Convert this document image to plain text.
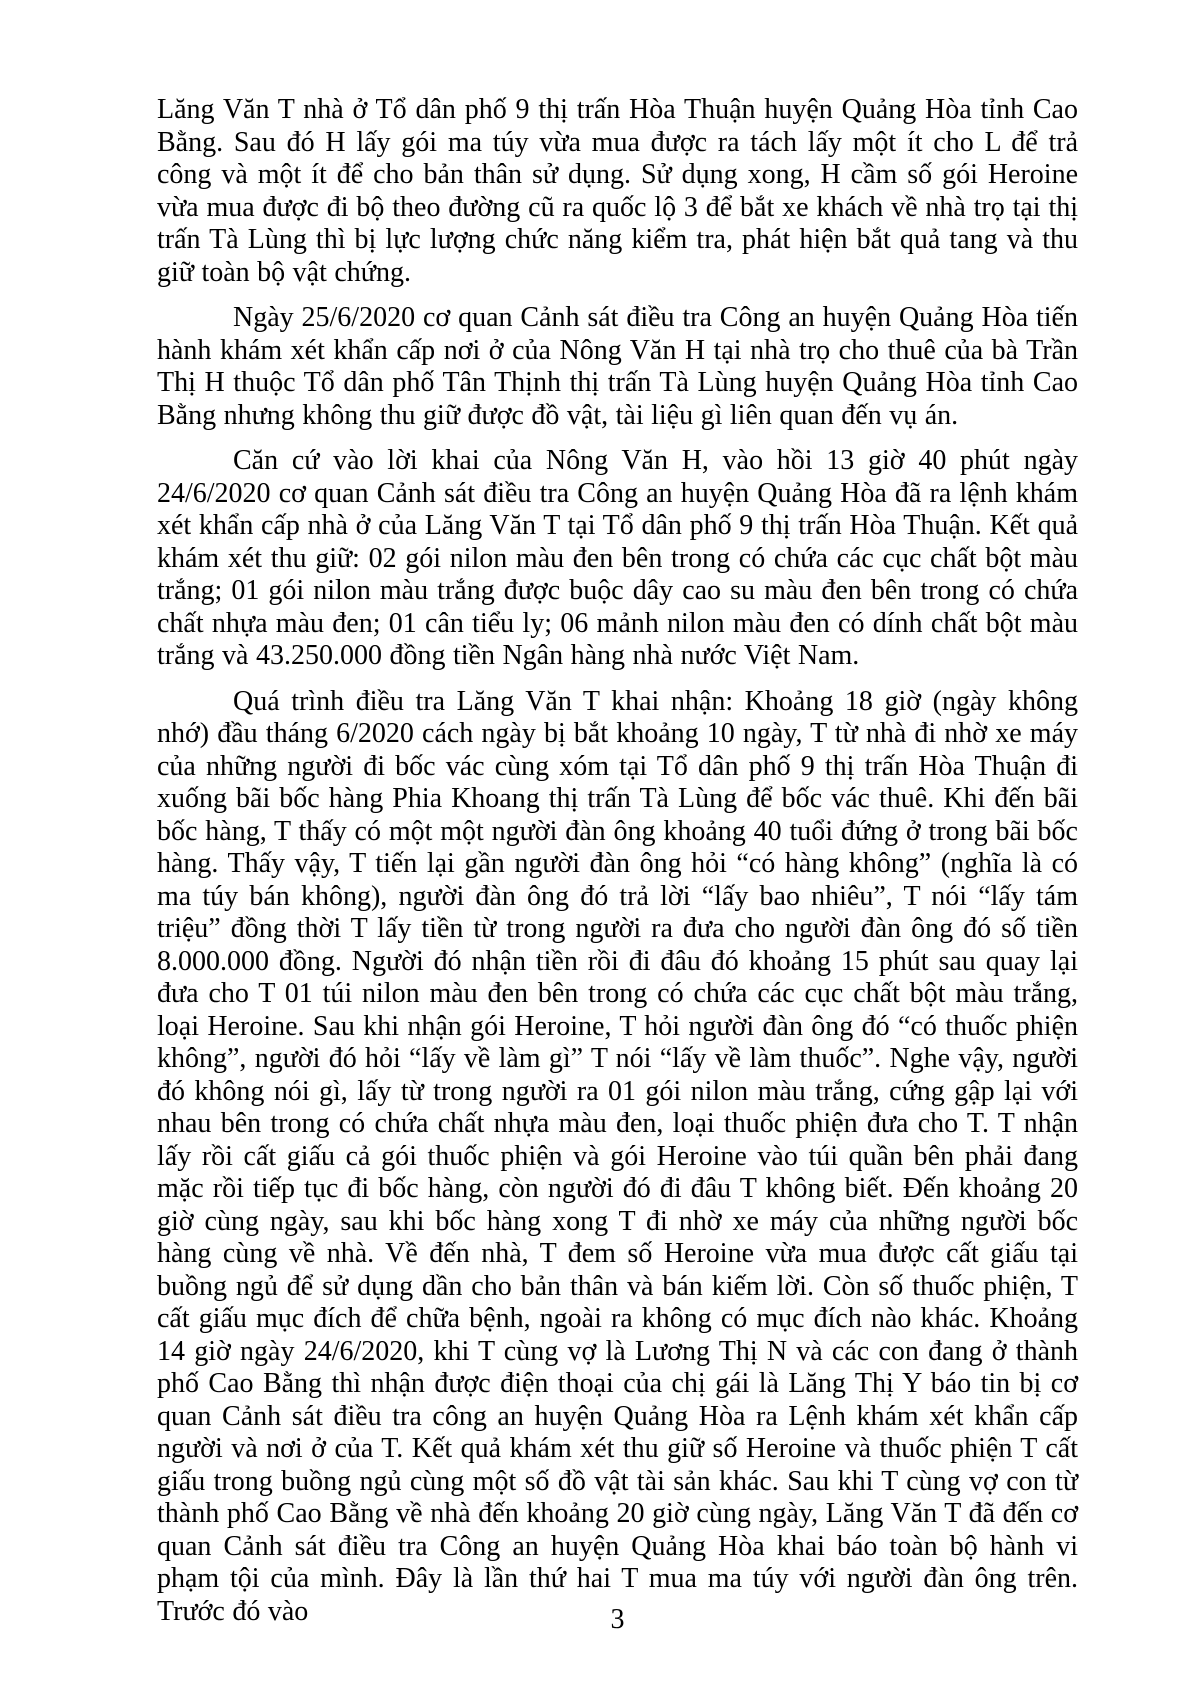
Lăng Văn T nhà ở Tổ dân phố 9 thị trấn Hòa Thuận huyện Quảng Hòa tỉnh Cao Bằng. Sau đó H lấy gói ma túy vừa mua được ra tách lấy một ít cho L để trả công và một ít để cho bản thân sử dụng. Sử dụng xong, H cầm số gói Heroine vừa mua được đi bộ theo đường cũ ra quốc lộ 3 để bắt xe khách về nhà trọ tại thị trấn Tà Lùng thì bị lực lượng chức năng kiểm tra, phát hiện bắt quả tang và thu giữ toàn bộ vật chứng.

Ngày 25/6/2020 cơ quan Cảnh sát điều tra Công an huyện Quảng Hòa tiến hành khám xét khẩn cấp nơi ở của Nông Văn H tại nhà trọ cho thuê của bà Trần Thị H thuộc Tổ dân phố Tân Thịnh thị trấn Tà Lùng huyện Quảng Hòa tỉnh Cao Bằng nhưng không thu giữ được đồ vật, tài liệu gì liên quan đến vụ án.

Căn cứ vào lời khai của Nông Văn H, vào hồi 13 giờ 40 phút ngày 24/6/2020 cơ quan Cảnh sát điều tra Công an huyện Quảng Hòa đã ra lệnh khám xét khẩn cấp nhà ở của Lăng Văn T tại Tổ dân phố 9 thị trấn Hòa Thuận. Kết quả khám xét thu giữ: 02 gói nilon màu đen bên trong có chứa các cục chất bột màu trắng; 01 gói nilon màu trắng được buộc dây cao su màu đen bên trong có chứa chất nhựa màu đen; 01 cân tiểu ly; 06 mảnh nilon màu đen có dính chất bột màu trắng và 43.250.000 đồng tiền Ngân hàng nhà nước Việt Nam.

Quá trình điều tra Lăng Văn T khai nhận: Khoảng 18 giờ (ngày không nhớ) đầu tháng 6/2020 cách ngày bị bắt khoảng 10 ngày, T từ nhà đi nhờ xe máy của những người đi bốc vác cùng xóm tại Tổ dân phố 9 thị trấn Hòa Thuận đi xuống bãi bốc hàng Phia Khoang thị trấn Tà Lùng để bốc vác thuê. Khi đến bãi bốc hàng, T thấy có một một người đàn ông khoảng 40 tuổi đứng ở trong bãi bốc hàng. Thấy vậy, T tiến lại gần người đàn ông hỏi “có hàng không” (nghĩa là có ma túy bán không), người đàn ông đó trả lời “lấy bao nhiêu”, T nói “lấy tám triệu” đồng thời T lấy tiền từ trong người ra đưa cho người đàn ông đó số tiền 8.000.000 đồng. Người đó nhận tiền rồi đi đâu đó khoảng 15 phút sau quay lại đưa cho T 01 túi nilon màu đen bên trong có chứa các cục chất bột màu trắng, loại Heroine. Sau khi nhận gói Heroine, T hỏi người đàn ông đó “có thuốc phiện không”, người đó hỏi “lấy về làm gì” T nói “lấy về làm thuốc”. Nghe vậy, người đó không nói gì, lấy từ trong người ra 01 gói nilon màu trắng, cứng gập lại với nhau bên trong có chứa chất nhựa màu đen, loại thuốc phiện đưa cho T. T nhận lấy rồi cất giấu cả gói thuốc phiện và gói Heroine vào túi quần bên phải đang mặc rồi tiếp tục đi bốc hàng, còn người đó đi đâu T không biết. Đến khoảng 20 giờ cùng ngày, sau khi bốc hàng xong T đi nhờ xe máy của những người bốc hàng cùng về nhà. Về đến nhà, T đem số Heroine vừa mua được cất giấu tại buồng ngủ để sử dụng dần cho bản thân và bán kiếm lời. Còn số thuốc phiện, T cất giấu mục đích để chữa bệnh, ngoài ra không có mục đích nào khác. Khoảng 14 giờ ngày 24/6/2020, khi T cùng vợ là Lương Thị N và các con đang ở thành phố Cao Bằng thì nhận được điện thoại của chị gái là Lăng Thị Y báo tin bị cơ quan Cảnh sát điều tra công an huyện Quảng Hòa ra Lệnh khám xét khẩn cấp người và nơi ở của T. Kết quả khám xét thu giữ số Heroine và thuốc phiện T cất giấu trong buồng ngủ cùng một số đồ vật tài sản khác. Sau khi T cùng vợ con từ thành phố Cao Bằng về nhà đến khoảng 20 giờ cùng ngày, Lăng Văn T đã đến cơ quan Cảnh sát điều tra Công an huyện Quảng Hòa khai báo toàn bộ hành vi phạm tội của mình. Đây là lần thứ hai T mua ma túy với người đàn ông trên. Trước đó vào	3
